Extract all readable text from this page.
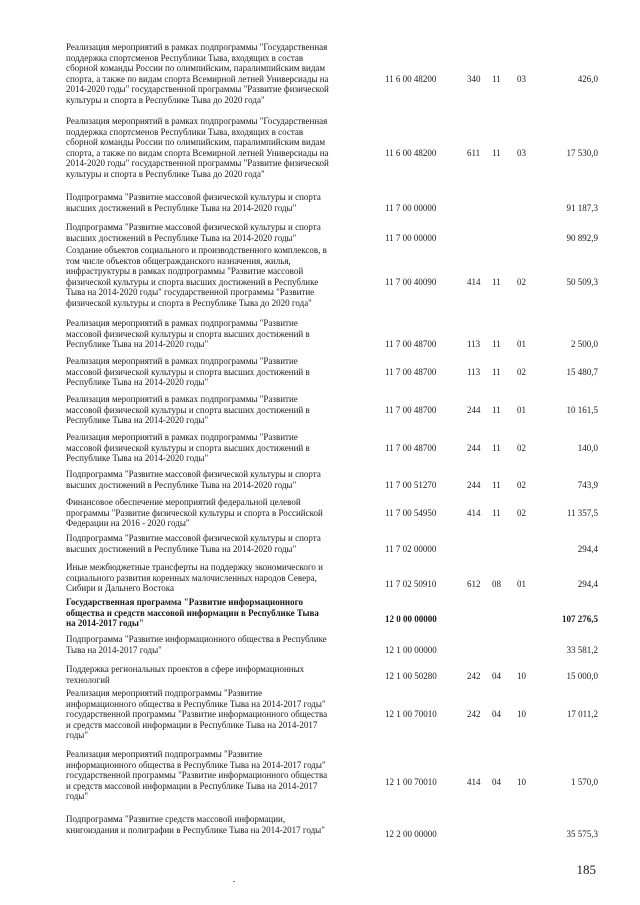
Реализация мероприятий в рамках подпрограммы "Государственная
поддержка спортсменов Республики Тыва, входящих в состав
сборной команды России по олимпийским, паралимпийским видам
спорта, а также по видам спорта Всемирной летней Универсиады на
2014-2020 годы" государственной программы "Развитие физической
культуры и спорта в Республике Тыва до 2020 года"
11 6 00 48200	340 11 03	426,0
Реализация мероприятий в рамках подпрограммы "Государственная
поддержка спортсменов Республики Тыва, входящих в состав
сборной команды России по олимпийским, паралимпийским видам
спорта, а также по видам спорта Всемирной летней Универсиады на
2014-2020 годы" государственной программы "Развитие физической
культуры и спорта в Республике Тыва до 2020 года"
11 6 00 48200	611 11 03	17 530,0
Подпрограмма "Развитие массовой физической культуры и спорта
высших достижений в Республике Тыва на 2014-2020 годы"	11 7 00 00000	91 187,3
Подпрограмма "Развитие массовой физической культуры и спорта
высших достижений в Республике Тыва на 2014-2020 годы"	11 7 00 00000	90 892,9
Создание объектов социального и производственного комплексов, в
том числе объектов общегражданского назначения, жилья,
инфраструктуры в рамках подпрограммы "Развитие массовой
физической культуры и спорта высших достижений в Республике
Тыва на 2014-2020 годы" государственной программы "Развитие
физической культуры и спорта в Республике Тыва до 2020 года"
11 7 00 40090	414 11 02	50 509,3
Реализация мероприятий в рамках подпрограммы "Развитие
массовой физической культуры и спорта высших достижений в
Республике Тыва на 2014-2020 годы"	11 7 00 48700	113 11 01	2 500,0
Реализация мероприятий в рамках подпрограммы "Развитие
массовой физической культуры и спорта высших достижений в
Республике Тыва на 2014-2020 годы"
11 7 00 48700	113 11 02	15 480,7
Реализация мероприятий в рамках подпрограммы "Развитие
массовой физической культуры и спорта высших достижений в
Республике Тыва на 2014-2020 годы"
11 7 00 48700	244 11 01	10 161,5
Реализация мероприятий в рамках подпрограммы "Развитие
массовой физической культуры и спорта высших достижений в
Республике Тыва на 2014-2020 годы"
11 7 00 48700	244 11 02	140,0
Подпрограмма "Развитие массовой физической культуры и спорта
высших достижений в Республике Тыва на 2014-2020 годы"	11 7 00 51270	244 11 02	743,9
Финансовое обеспечение мероприятий федеральной целевой
программы "Развитие физической культуры и спорта в Российской
Федерации на 2016 - 2020 годы"
11 7 00 54950	414 11 02	11 357,5
Подпрограмма "Развитие массовой физической культуры и спорта
высших достижений в Республике Тыва на 2014-2020 годы"	11 7 02 00000	294,4
Иные межбюджетные трансферты на поддержку экономического и
социального развития коренных малочисленных народов Севера,
Сибири и Дальнего Востока	11 7 02 50910	612 08 01	294,4
Государственная программа "Развитие информационного
общества и средств массовой информации в Республике Тыва
на 2014-2017 годы"	12 0 00 00000	107 276,5
Подпрограмма "Развитие информационного общества в Республике
Тыва на 2014-2017 годы"	12 1 00 00000	33 581,2
Поддержка региональных проектов в сфере информационных
технологий	12 1 00 50280	242 04 10	15 000,0
Реализация мероприятий подпрограммы "Развитие
информационного общества в Республике Тыва на 2014-2017 годы"
государственной программы "Развитие информационного общества
и средств массовой информации в Республике Тыва на 2014-2017
годы"
12 1 00 70010	242 04 10	17 011,2
Реализация мероприятий подпрограммы "Развитие
информационного общества в Республике Тыва на 2014-2017 годы"
государственной программы "Развитие информационного общества
и средств массовой информации в Республике Тыва на 2014-2017
годы"
12 1 00 70010	414 04 10	1 570,0
Подпрограмма "Развитие средств массовой информации,
книгоиздания и полиграфии в Республике Тыва на 2014-2017 годы"	12 2 00 00000	35 575,3
185
